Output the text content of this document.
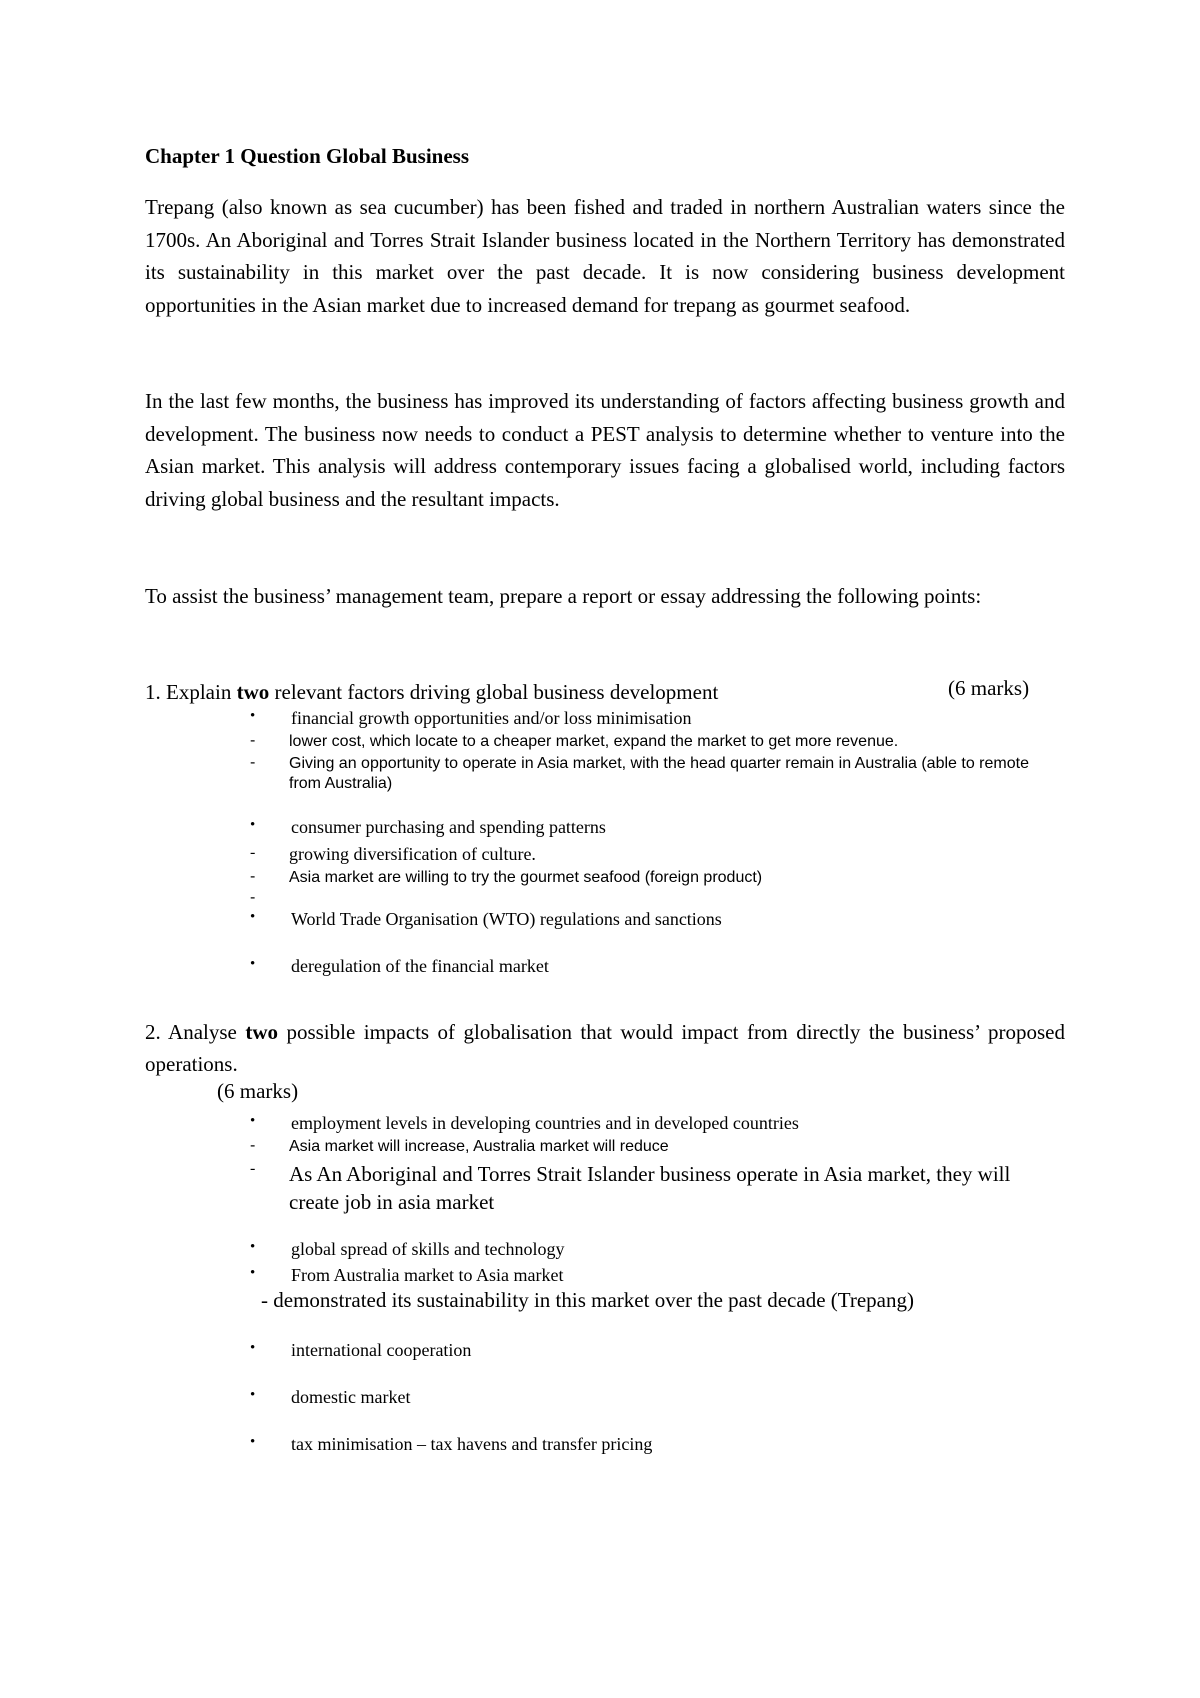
Chapter 1 Question Global Business
Trepang (also known as sea cucumber) has been fished and traded in northern Australian waters since the 1700s. An Aboriginal and Torres Strait Islander business located in the Northern Territory has demonstrated its sustainability in this market over the past decade. It is now considering business development opportunities in the Asian market due to increased demand for trepang as gourmet seafood.
In the last few months, the business has improved its understanding of factors affecting business growth and development. The business now needs to conduct a PEST analysis to determine whether to venture into the Asian market. This analysis will address contemporary issues facing a globalised world, including factors driving global business and the resultant impacts.
To assist the business’ management team, prepare a report or essay addressing the following points:
1. Explain two relevant factors driving global business development	(6 marks)
• financial growth opportunities and/or loss minimisation
- lower cost, which locate to a cheaper market, expand the market to get more revenue.
- Giving an opportunity to operate in Asia market, with the head quarter remain in Australia (able to remote from Australia)
• consumer purchasing and spending patterns
- growing diversification of culture.
- Asia market are willing to try the gourmet seafood (foreign product)
-
• World Trade Organisation (WTO) regulations and sanctions
• deregulation of the financial market
2. Analyse two possible impacts of globalisation that would impact from directly the business’ proposed operations.
(6 marks)
• employment levels in developing countries and in developed countries
- Asia market will increase, Australia market will reduce
- As An Aboriginal and Torres Strait Islander business operate in Asia market, they will create job in asia market
• global spread of skills and technology
• From Australia market to Asia market
- demonstrated its sustainability in this market over the past decade (Trepang)
• international cooperation
• domestic market
• tax minimisation – tax havens and transfer pricing
